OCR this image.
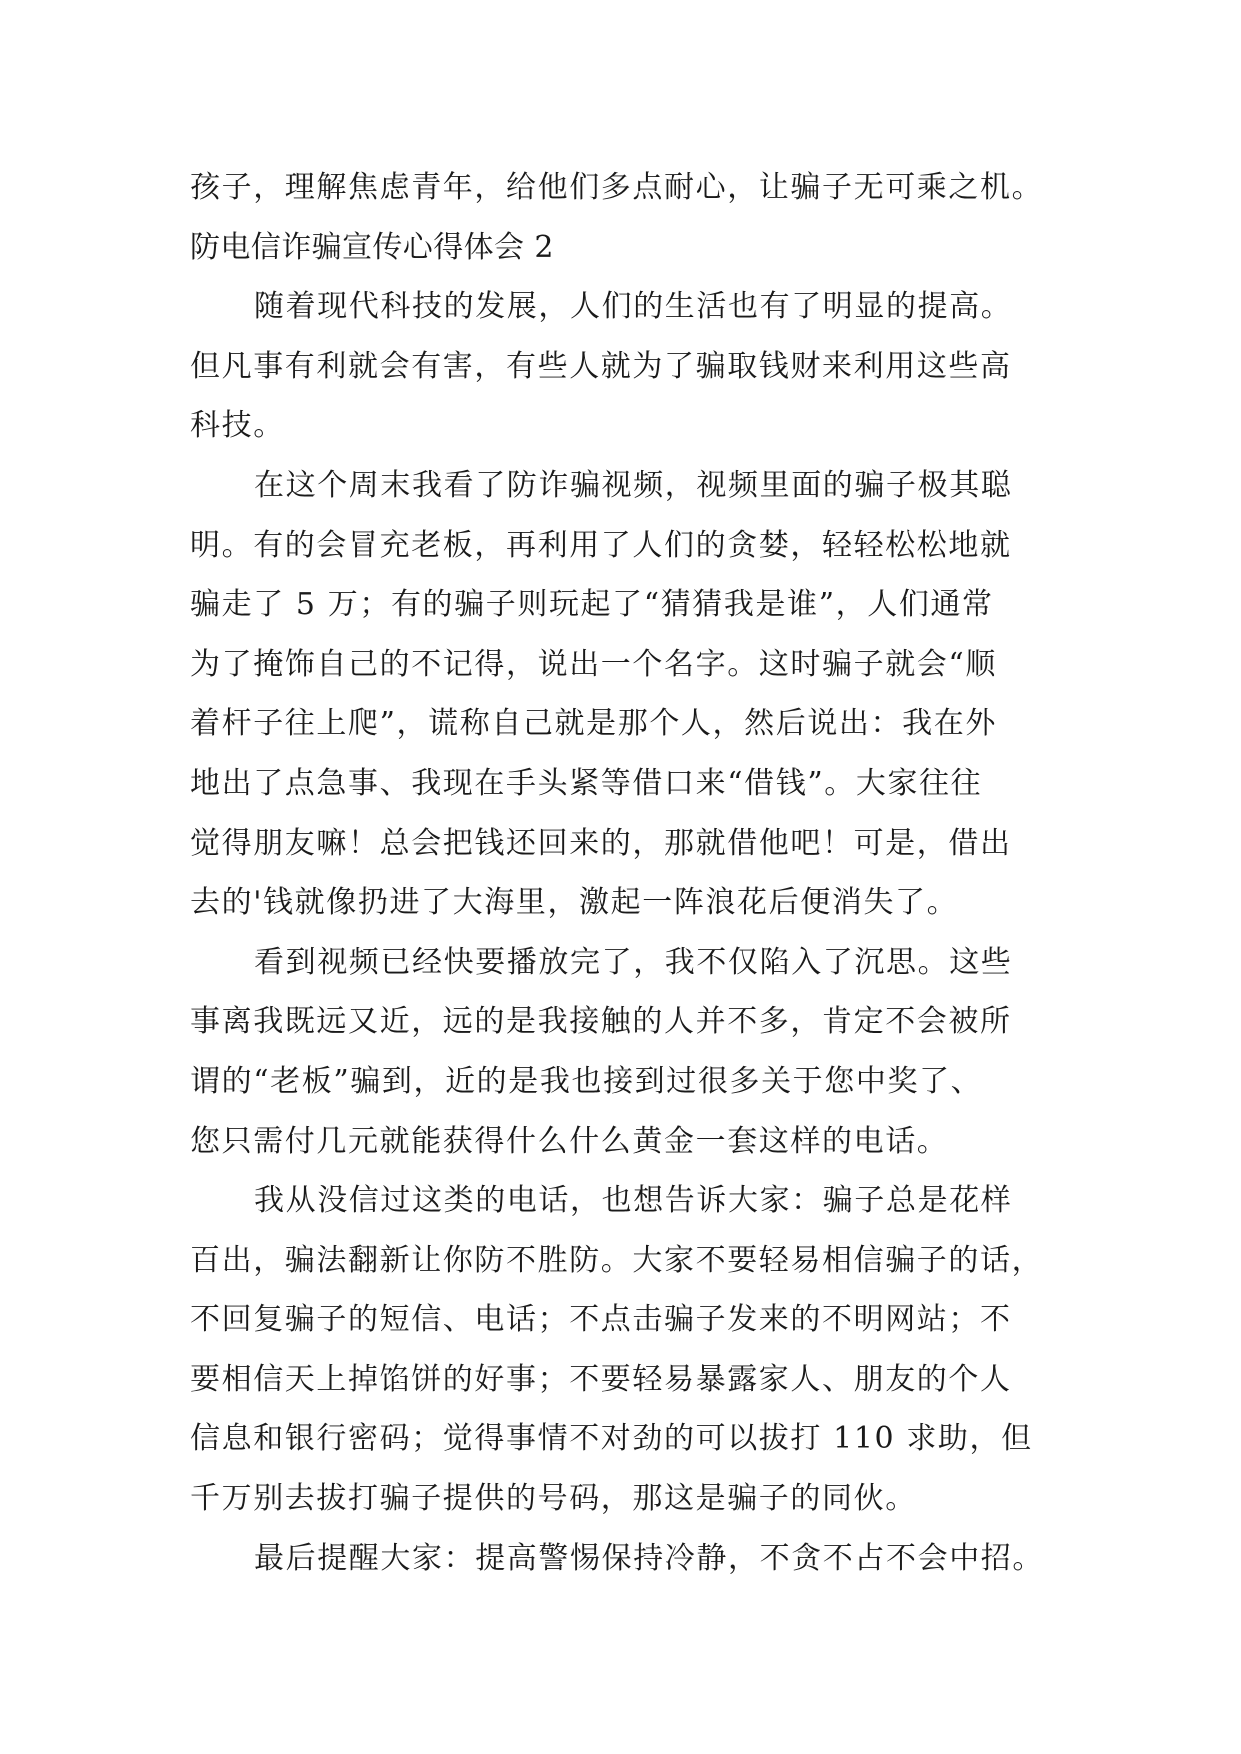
孩子，理解焦虑青年，给他们多点耐心，让骗子无可乘之机。
防电信诈骗宣传心得体会 2
随着现代科技的发展，人们的生活也有了明显的提高。
但凡事有利就会有害，有些人就为了骗取钱财来利用这些高
科技。
在这个周末我看了防诈骗视频，视频里面的骗子极其聪
明。有的会冒充老板，再利用了人们的贪婪，轻轻松松地就
骗走了 5 万；有的骗子则玩起了“猜猜我是谁”，人们通常
为了掩饰自己的不记得，说出一个名字。这时骗子就会“顺
着杆子往上爬”，谎称自己就是那个人，然后说出：我在外
地出了点急事、我现在手头紧等借口来“借钱”。大家往往
觉得朋友嘛！总会把钱还回来的，那就借他吧！可是，借出
去的'钱就像扔进了大海里，激起一阵浪花后便消失了。
看到视频已经快要播放完了，我不仅陷入了沉思。这些
事离我既远又近，远的是我接触的人并不多，肯定不会被所
谓的“老板”骗到，近的是我也接到过很多关于您中奖了、
您只需付几元就能获得什么什么黄金一套这样的电话。
我从没信过这类的电话，也想告诉大家：骗子总是花样
百出，骗法翻新让你防不胜防。大家不要轻易相信骗子的话，
不回复骗子的短信、电话；不点击骗子发来的不明网站；不
要相信天上掉馅饼的好事；不要轻易暴露家人、朋友的个人
信息和银行密码；觉得事情不对劲的可以拔打 110 求助，但
千万别去拔打骗子提供的号码，那这是骗子的同伙。
最后提醒大家：提高警惕保持冷静，不贪不占不会中招。
